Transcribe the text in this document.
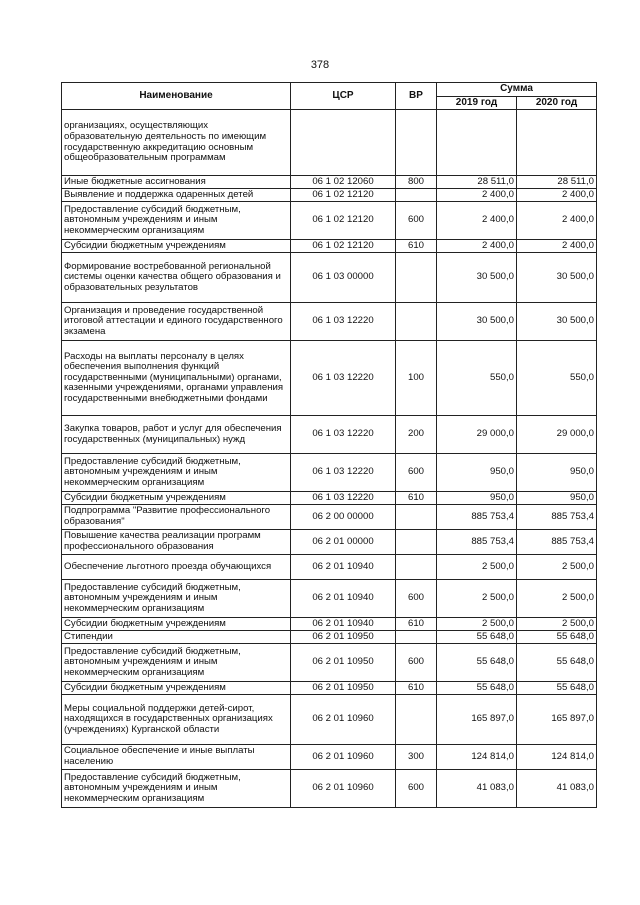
378
Наименование	ЦСР	ВР	Сумма	
			2019 год	2020 год
организациях, осуществляющих образовательную деятельность по имеющим государственную аккредитацию основным общеобразовательным программам				
Иные бюджетные ассигнования	06 1 02 12060	800	28 511,0	28 511,0
Выявление и поддержка одаренных детей	06 1 02 12120		2 400,0	2 400,0
Предоставление субсидий бюджетным, автономным учреждениям и иным некоммерческим организациям	06 1 02 12120	600	2 400,0	2 400,0
Субсидии бюджетным учреждениям	06 1 02 12120	610	2 400,0	2 400,0
Формирование востребованной региональной системы оценки качества общего образования и образовательных результатов	06 1 03 00000		30 500,0	30 500,0
Организация и проведение государственной итоговой аттестации и единого государственного экзамена	06 1 03 12220		30 500,0	30 500,0
Расходы на выплаты персоналу в целях обеспечения выполнения функций государственными (муниципальными) органами, казенными учреждениями, органами управления государственными внебюджетными фондами	06 1 03 12220	100	550,0	550,0
Закупка товаров, работ и услуг для обеспечения государственных (муниципальных) нужд	06 1 03 12220	200	29 000,0	29 000,0
Предоставление субсидий бюджетным, автономным учреждениям и иным некоммерческим организациям	06 1 03 12220	600	950,0	950,0
Субсидии бюджетным учреждениям	06 1 03 12220	610	950,0	950,0
Подпрограмма "Развитие профессионального образования"	06 2 00 00000		885 753,4	885 753,4
Повышение качества реализации программ профессионального образования	06 2 01 00000		885 753,4	885 753,4
Обеспечение льготного проезда обучающихся	06 2 01 10940		2 500,0	2 500,0
Предоставление субсидий бюджетным, автономным учреждениям и иным некоммерческим организациям	06 2 01 10940	600	2 500,0	2 500,0
Субсидии бюджетным учреждениям	06 2 01 10940	610	2 500,0	2 500,0
Стипендии	06 2 01 10950		55 648,0	55 648,0
Предоставление субсидий бюджетным, автономным учреждениям и иным некоммерческим организациям	06 2 01 10950	600	55 648,0	55 648,0
Субсидии бюджетным учреждениям	06 2 01 10950	610	55 648,0	55 648,0
Меры социальной поддержки детей-сирот, находящихся в государственных организациях (учреждениях) Курганской области	06 2 01 10960		165 897,0	165 897,0
Социальное обеспечение и иные выплаты населению	06 2 01 10960	300	124 814,0	124 814,0
Предоставление субсидий бюджетным, автономным учреждениям и иным некоммерческим организациям	06 2 01 10960	600	41 083,0	41 083,0
